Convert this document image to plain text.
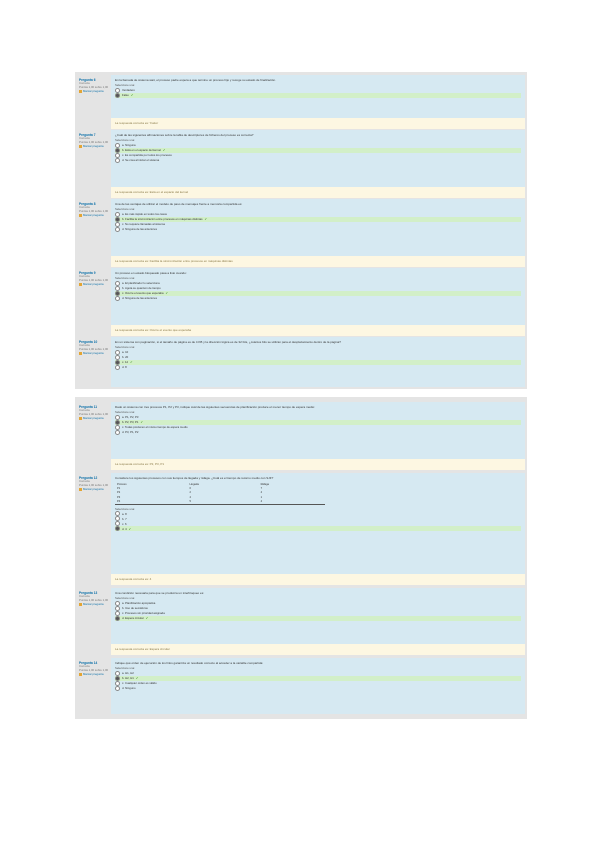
Pregunta 6
Correcta
Puntúa 1,00 sobre 1,00
Marcar pregunta
En la llamada de sistema wait, el proceso padre espera a que termine un proceso hijo y recoge su estado de finalización.
Seleccione una:
Verdadero
Falso ✔
La respuesta correcta es: 'Falso'
Pregunta 7
Correcta
Puntúa 1,00 sobre 1,00
Marcar pregunta
¿Cuál de las siguientes afirmaciones sobre la tabla de descriptores de ficheros del proceso es correcta?
Seleccione una:
a. Ninguna
b. Está en el espacio del kernel ✔
c. Es compartida por todos los procesos
d. Se crea al iniciar el sistema
La respuesta correcta es: Está en el espacio del kernel
Pregunta 8
Correcta
Puntúa 1,00 sobre 1,00
Marcar pregunta
Una de las ventajas de utilizar el modelo de paso de mensajes frente a memoria compartida es:
Seleccione una:
a. Es más rápido en todos los casos
b. Facilita la sincronización entre procesos en máquinas distintas ✔
c. No requiere llamadas al sistema
d. Ninguna de las anteriores
La respuesta correcta es: Facilita la sincronización entre procesos en máquinas distintas
Pregunta 9
Correcta
Puntúa 1,00 sobre 1,00
Marcar pregunta
Un proceso en estado bloqueado pasa a listo cuando:
Seleccione una:
a. El planificador lo selecciona
b. Agota su quantum de tiempo
c. Ocurre el evento que esperaba ✔
d. Ninguna de las anteriores
La respuesta correcta es: Ocurre el evento que esperaba
Pregunta 10
Correcta
Puntúa 1,00 sobre 1,00
Marcar pregunta
En un sistema con paginación, si el tamaño de página es de 4 KB y la dirección lógica es de 32 bits, ¿cuántos bits se utilizan para el desplazamiento dentro de la página?
Seleccione una:
a. 10
b. 20
c. 12 ✔
d. 8
Pregunta 11
Correcta
Puntúa 1,00 sobre 1,00
Marcar pregunta
Dado un sistema con tres procesos P1, P2 y P3, indique cuál de las siguientes secuencias de planificación produce el menor tiempo de espera medio:
Seleccione una:
a. P1, P2, P3
b. P2, P3, P1 ✔
c. Todas producen el mismo tiempo de espera medio
d. P3, P1, P2
La respuesta correcta es: P2, P3, P1
Pregunta 12
Correcta
Puntúa 1,00 sobre 1,00
Marcar pregunta
Considere los siguientes procesos con sus tiempos de llegada y ráfaga. ¿Cuál es el tiempo de retorno medio con SJF?
Proceso	Llegada	Ráfaga
P1	0	7
P2	2	4
P3	4	1
P4	5	4
Seleccione una:
a. 8
b. 7
c. 6
d. 4 ✔
La respuesta correcta es: 4
Pregunta 13
Correcta
Puntúa 1,00 sobre 1,00
Marcar pregunta
Una condición necesaria para que se produzca un interbloqueo es:
Seleccione una:
a. Planificación apropiativa
b. Uso de semáforos
c. Procesos sin prioridad asignada
d. Espera circular ✔
La respuesta correcta es: Espera circular
Pregunta 14
Correcta
Puntúa 1,00 sobre 1,00
Marcar pregunta
Indique qué orden de ejecución de los hilos garantiza un resultado correcto al acceder a la variable compartida:
Seleccione una:
a. H1, H2
b. H2, H1 ✔
c. Cualquier orden es válido
d. Ninguno
